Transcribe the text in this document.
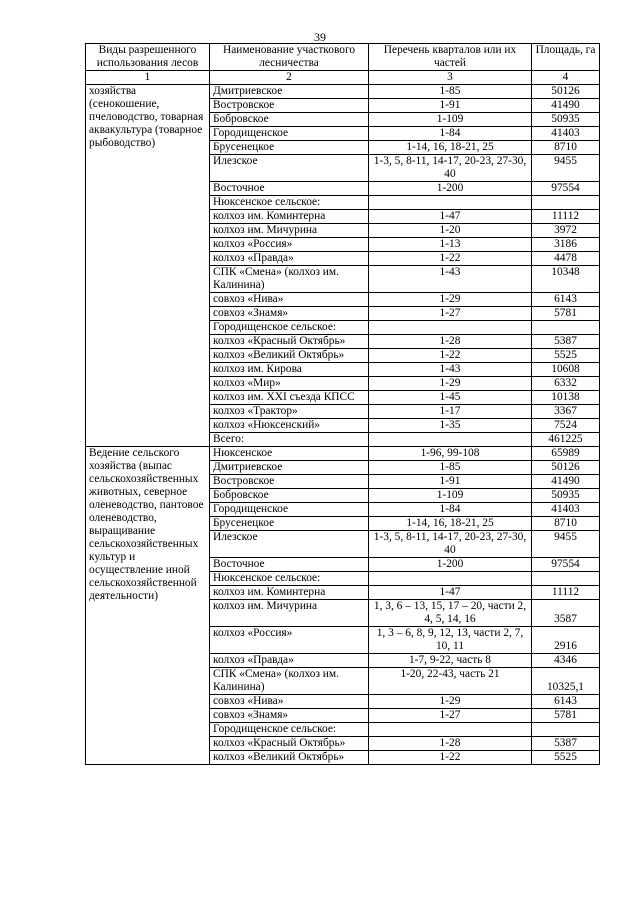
39
Виды разрешенного использования лесов	Наименование участкового лесничества	Перечень кварталов или их частей	Площадь, га
1	2	3	4
хозяйства (сенокошение, пчеловодство, товарная аквакультура (товарное рыбоводство)	Дмитриевское	1-85	50126
	Востровское	1-91	41490
	Бобровское	1-109	50935
	Городищенское	1-84	41403
	Брусенецкое	1-14, 16, 18-21, 25	8710
	Илезское	1-3, 5, 8-11, 14-17, 20-23, 27-30, 40	9455
	Восточное	1-200	97554
	Нюксенское сельское:		
	колхоз им. Коминтерна	1-47	11112
	колхоз им. Мичурина	1-20	3972
	колхоз «Россия»	1-13	3186
	колхоз «Правда»	1-22	4478
	СПК «Смена» (колхоз им. Калинина)	1-43	10348
	совхоз «Нива»	1-29	6143
	совхоз «Знамя»	1-27	5781
	Городищенское сельское:		
	колхоз «Красный Октябрь»	1-28	5387
	колхоз «Великий Октябрь»	1-22	5525
	колхоз им. Кирова	1-43	10608
	колхоз «Мир»	1-29	6332
	колхоз им. XXI съезда КПСС	1-45	10138
	колхоз «Трактор»	1-17	3367
	колхоз «Нюксенский»	1-35	7524
	Всего:		461225
Ведение сельского хозяйства (выпас сельскохозяйственных животных, северное оленеводство, пантовое оленеводство, выращивание сельскохозяйственных культур и осуществление иной сельскохозяйственной деятельности)	Нюксенское	1-96, 99-108	65989
	Дмитриевское	1-85	50126
	Востровское	1-91	41490
	Бобровское	1-109	50935
	Городищенское	1-84	41403
	Брусенецкое	1-14, 16, 18-21, 25	8710
	Илезское	1-3, 5, 8-11, 14-17, 20-23, 27-30, 40	9455
	Восточное	1-200	97554
	Нюксенское сельское:		
	колхоз им. Коминтерна	1-47	11112
	колхоз им. Мичурина	1, 3, 6 – 13, 15, 17 – 20, части 2, 4, 5, 14, 16	3587
	колхоз «Россия»	1, 3 – 6, 8, 9, 12, 13, части 2, 7, 10, 11	2916
	колхоз «Правда»	1-7, 9-22, часть 8	4346
	СПК «Смена» (колхоз им. Калинина)	1-20, 22-43, часть 21	10325,1
	совхоз «Нива»	1-29	6143
	совхоз «Знамя»	1-27	5781
	Городищенское сельское:		
	колхоз «Красный Октябрь»	1-28	5387
	колхоз «Великий Октябрь»	1-22	5525
